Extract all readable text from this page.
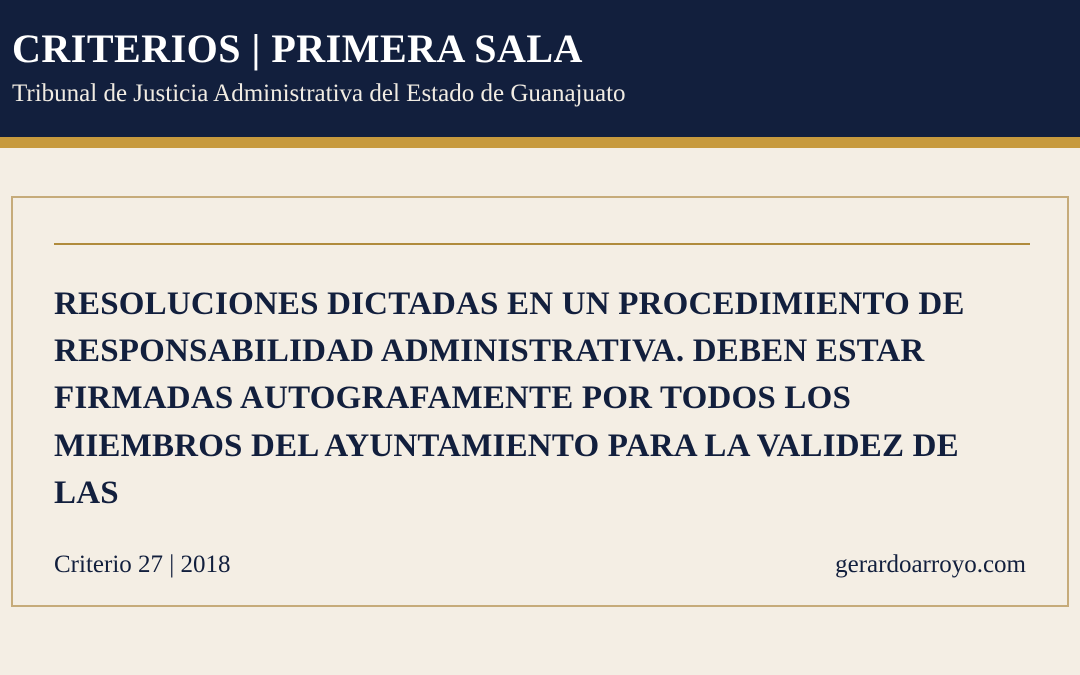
CRITERIOS | PRIMERA SALA
Tribunal de Justicia Administrativa del Estado de Guanajuato
RESOLUCIONES DICTADAS EN UN PROCEDIMIENTO DE RESPONSABILIDAD ADMINISTRATIVA. DEBEN ESTAR FIRMADAS AUTOGRAFAMENTE POR TODOS LOS MIEMBROS DEL AYUNTAMIENTO PARA LA VALIDEZ DE LAS
Criterio 27 | 2018	gerardoarroyo.com
